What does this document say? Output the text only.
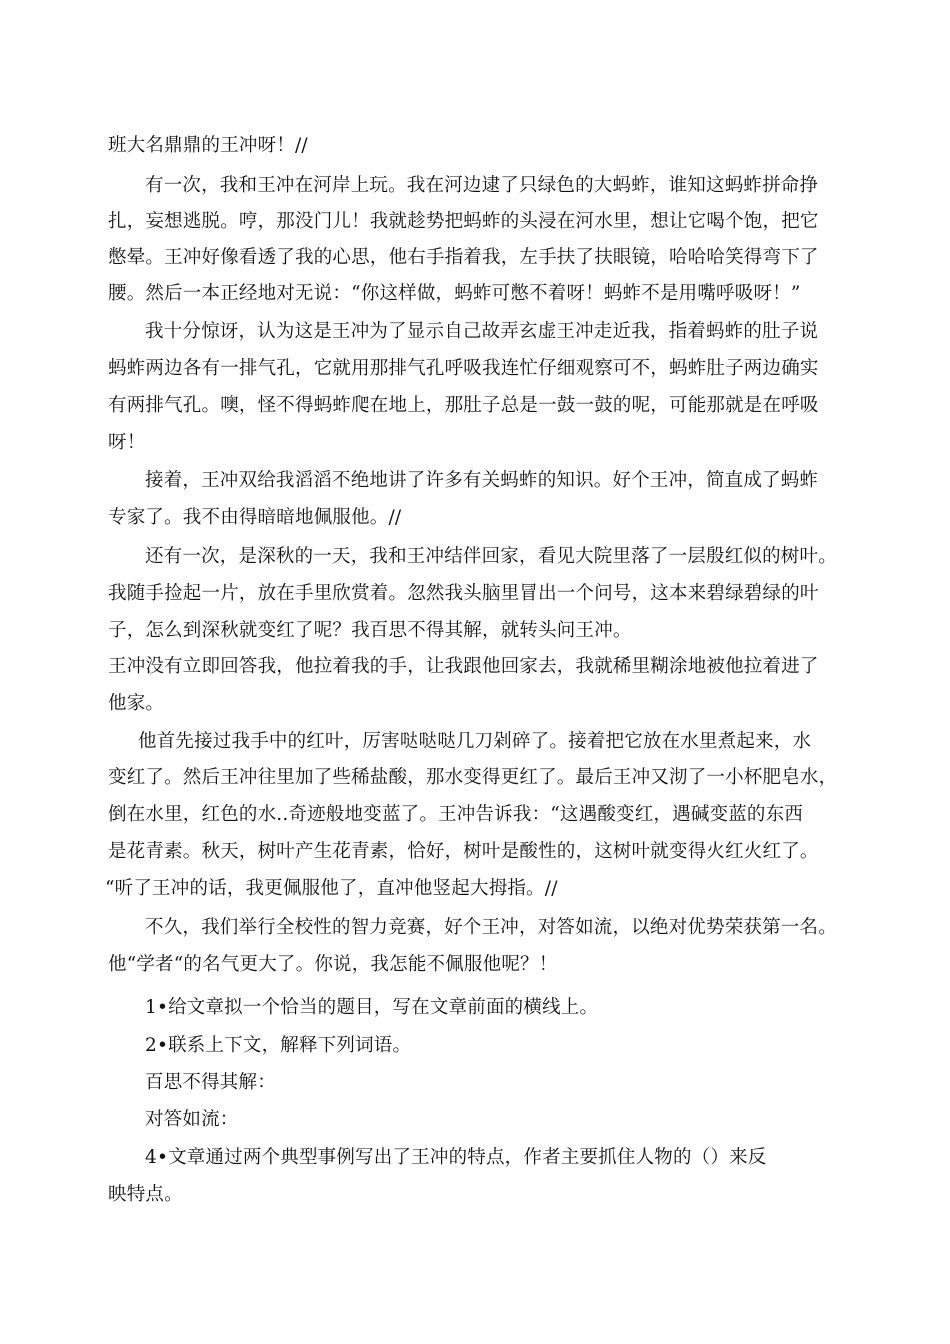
班大名鼎鼎的王冲呀！//
有一次，我和王冲在河岸上玩。我在河边逮了只绿色的大蚂蚱，谁知这蚂蚱拼命挣
扎，妄想逃脱。哼，那没门儿！我就趁势把蚂蚱的头浸在河水里，想让它喝个饱，把它
憋晕。王冲好像看透了我的心思，他右手指着我，左手扶了扶眼镜，哈哈哈笑得弯下了
腰。然后一本正经地对无说：“你这样做，蚂蚱可憋不着呀！蚂蚱不是用嘴呼吸呀！”
我十分惊讶，认为这是王冲为了显示自己故弄玄虚王冲走近我，指着蚂蚱的肚子说
蚂蚱两边各有一排气孔，它就用那排气孔呼吸我连忙仔细观察可不，蚂蚱肚子两边确实
有两排气孔。噢，怪不得蚂蚱爬在地上，那肚子总是一鼓一鼓的呢，可能那就是在呼吸
呀！
接着，王冲双给我滔滔不绝地讲了许多有关蚂蚱的知识。好个王冲，简直成了蚂蚱
专家了。我不由得暗暗地佩服他。//
还有一次，是深秋的一天，我和王冲结伴回家，看见大院里落了一层殷红似的树叶。
我随手捡起一片，放在手里欣赏着。忽然我头脑里冒出一个问号，这本来碧绿碧绿的叶
子，怎么到深秋就变红了呢？我百思不得其解，就转头问王冲。
王冲没有立即回答我，他拉着我的手，让我跟他回家去，我就稀里糊涂地被他拉着进了
他家。
他首先接过我手中的红叶，厉害哒哒哒几刀剁碎了。接着把它放在水里煮起来，水
变红了。然后王冲往里加了些稀盐酸，那水变得更红了。最后王冲又沏了一小杯肥皂水，
倒在水里，红色的水..奇迹般地变蓝了。王冲告诉我：“这遇酸变红，遇碱变蓝的东西
是花青素。秋天，树叶产生花青素，恰好，树叶是酸性的，这树叶就变得火红火红了。
“听了王冲的话，我更佩服他了，直冲他竖起大拇指。//
不久，我们举行全校性的智力竞赛，好个王冲，对答如流，以绝对优势荣获第一名。
他“学者“的名气更大了。你说，我怎能不佩服他呢？！
1•给文章拟一个恰当的题目，写在文章前面的横线上。
2•联系上下文，解释下列词语。
百思不得其解：
对答如流：
4•文章通过两个典型事例写出了王冲的特点，作者主要抓住人物的（）来反
映特点。
